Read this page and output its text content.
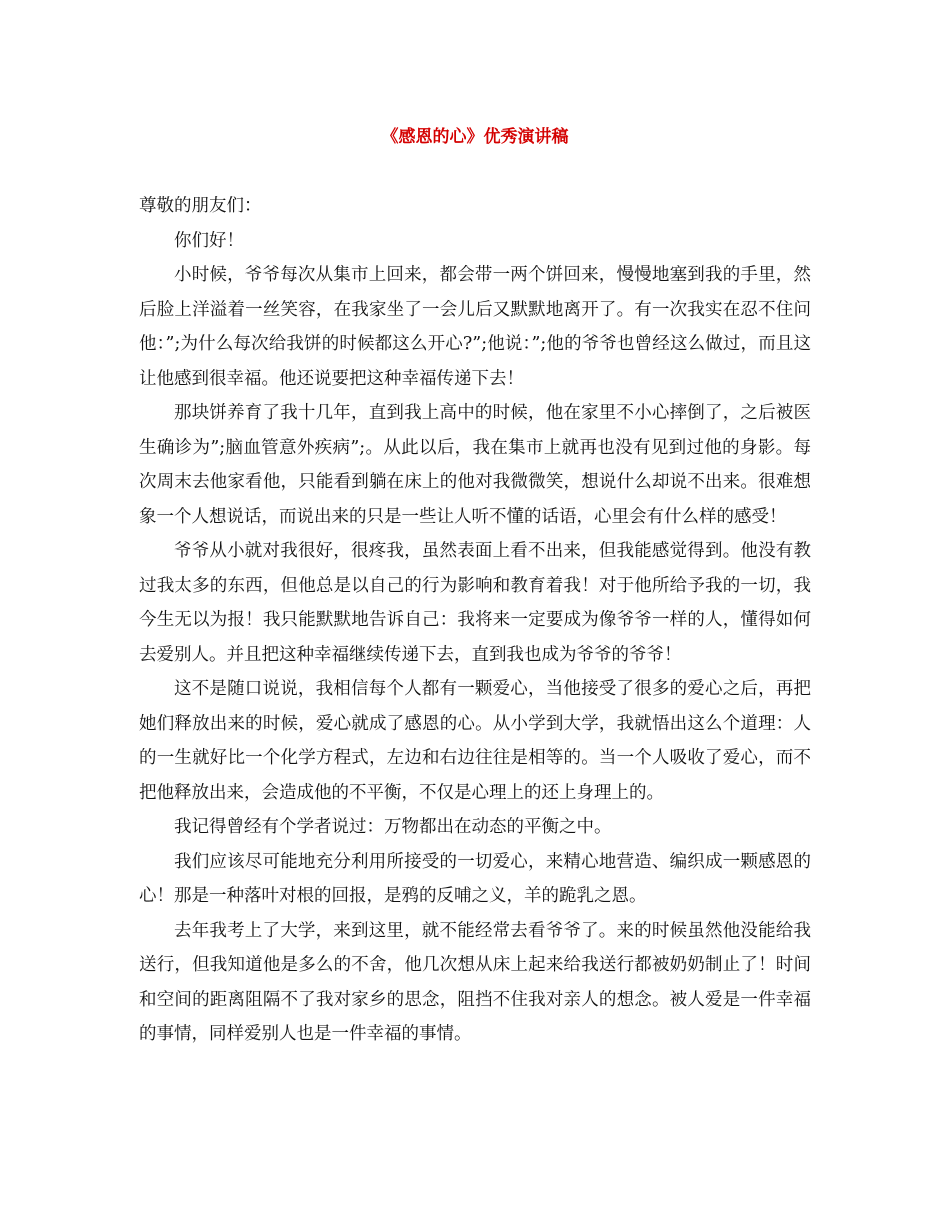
《感恩的心》优秀演讲稿

尊敬的朋友们：

你们好！

小时候，爷爷每次从集市上回来，都会带一两个饼回来，慢慢地塞到我的手里，然后脸上洋溢着一丝笑容，在我家坐了一会儿后又默默地离开了。有一次我实在忍不住问他：”;为什么每次给我饼的时候都这么开心?”;他说：”;他的爷爷也曾经这么做过，而且这让他感到很幸福。他还说要把这种幸福传递下去！

那块饼养育了我十几年，直到我上高中的时候，他在家里不小心摔倒了，之后被医生确诊为”;脑血管意外疾病”;。从此以后，我在集市上就再也没有见到过他的身影。每次周末去他家看他，只能看到躺在床上的他对我微微笑，想说什么却说不出来。很难想象一个人想说话，而说出来的只是一些让人听不懂的话语，心里会有什么样的感受！

爷爷从小就对我很好，很疼我，虽然表面上看不出来，但我能感觉得到。他没有教过我太多的东西，但他总是以自己的行为影响和教育着我！对于他所给予我的一切，我今生无以为报！我只能默默地告诉自己：我将来一定要成为像爷爷一样的人，懂得如何去爱别人。并且把这种幸福继续传递下去，直到我也成为爷爷的爷爷！

这不是随口说说，我相信每个人都有一颗爱心，当他接受了很多的爱心之后，再把她们释放出来的时候，爱心就成了感恩的心。从小学到大学，我就悟出这么个道理：人的一生就好比一个化学方程式，左边和右边往往是相等的。当一个人吸收了爱心，而不把他释放出来，会造成他的不平衡，不仅是心理上的还上身理上的。

我记得曾经有个学者说过：万物都出在动态的平衡之中。

我们应该尽可能地充分利用所接受的一切爱心，来精心地营造、编织成一颗感恩的心！那是一种落叶对根的回报，是鸦的反哺之义，羊的跪乳之恩。

去年我考上了大学，来到这里，就不能经常去看爷爷了。来的时候虽然他没能给我送行，但我知道他是多么的不舍，他几次想从床上起来给我送行都被奶奶制止了！时间和空间的距离阻隔不了我对家乡的思念，阻挡不住我对亲人的想念。被人爱是一件幸福的事情，同样爱别人也是一件幸福的事情。
